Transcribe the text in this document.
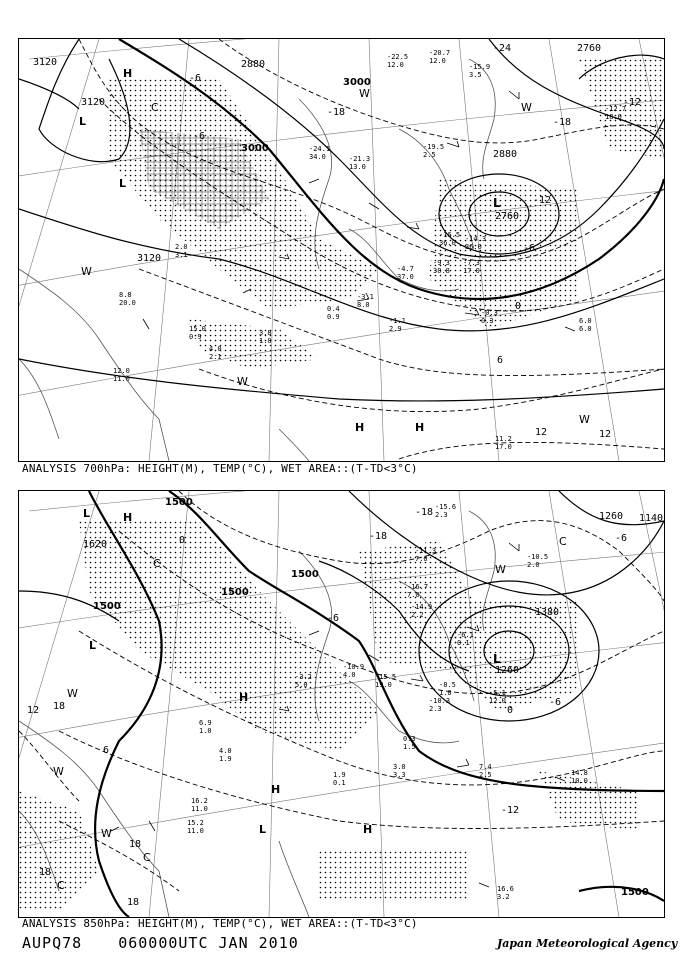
3120
3120
3120
3000
3000
2880
2880
2760
2760
-6
-6
-12
-12
-18
-18
-24
-6
0
6
12	12
H
L
L
C
W
L
H	H
W
W
W
W
-22.5
12.0
-20.7
12.0
-15.9
3.5
-24.1
34.0	-21.3
13.0
-19.5
2.5
-16.5
36.0 -14.3
36.0
-7.3
17.0
-9.3
30.8
-4.7
37.0
-3.1
8.0
-1.1
2.9
-0.3
0.3	6.0
6.0
8.8
20.0
4.0
2.1
12.0
11.0
3.8
1.0
2.0
3.1
11.2
17.0
-12.7
18.0
15.0
0.9
0.4
0.9
ANALYSIS 700hPa: HEIGHT(M), TEMP(°C), WET AREA::(T-TD<3°C)
1500
1500
1500
1500
1500
1380
1260
1620
1140
1260
-18
-18	-6
-6
-6
0
0
6
18
18
18
18
-12
12
H
L
L
H
H
H
L
C
C
C
C
W
W
W
W
L	-15.6
2.3
-11.3
7.0	-10.5
2.0
-10.9
4.0	-15.5
19.0
-6.1
0.1
-5.1
12.0
7.4
2.5	14.8
10.0
16.6
3.2
15.2
11.0
16.2
11.0
6.9
1.0
3.0
3.3
1.9
0.1
-16.7
7.0
-14.9
2.2
-3.2
5.0
-10.3
2.3
-8.5
1.0
0.3
1.5
4.0
1.9
ANALYSIS 850hPa: HEIGHT(M), TEMP(°C), WET AREA::(T-TD<3°C)
AUPQ78 060000UTC JAN 2010	Japan Meteorological Agency
